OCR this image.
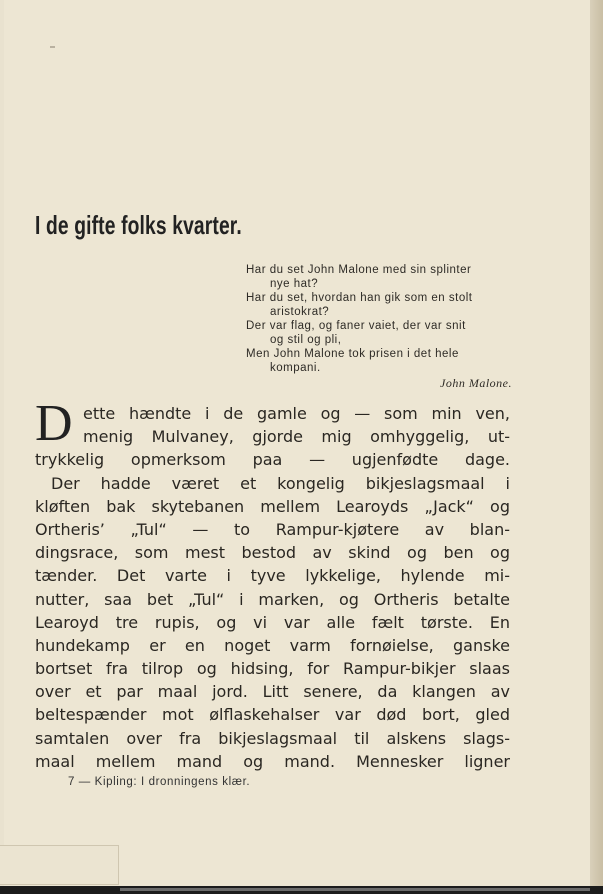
I de gifte folks kvarter.
Har du set John Malone med sin splinter
nye hat?
Har du set, hvordan han gik som en stolt
aristokrat?
Der var flag, og faner vaiet, der var snit
og stil og pli,
Men John Malone tok prisen i det hele
kompani.
John Malone.
D ette hændte i de gamle og — som min ven,
menig Mulvaney, gjorde mig omhyggelig, ut-
trykkelig opmerksom paa — ugjenfødte dage.
Der hadde været et kongelig bikjeslagsmaal i
kløften bak skytebanen mellem Learoyds „Jack“ og
Ortheris’ „Tul“ — to Rampur-kjøtere av blan-
dingsrace, som mest bestod av skind og ben og
tænder. Det varte i tyve lykkelige, hylende mi-
nutter, saa bet „Tul“ i marken, og Ortheris betalte
Learoyd tre rupis, og vi var alle fælt tørste. En
hundekamp er en noget varm fornøielse, ganske
bortset fra tilrop og hidsing, for Rampur-bikjer slaas
over et par maal jord. Litt senere, da klangen av
beltespænder mot ølflaskehalser var død bort, gled
samtalen over fra bikjeslagsmaal til alskens slags-
maal mellem mand og mand. Mennesker ligner
7 — Kipling: I dronningens klær.
